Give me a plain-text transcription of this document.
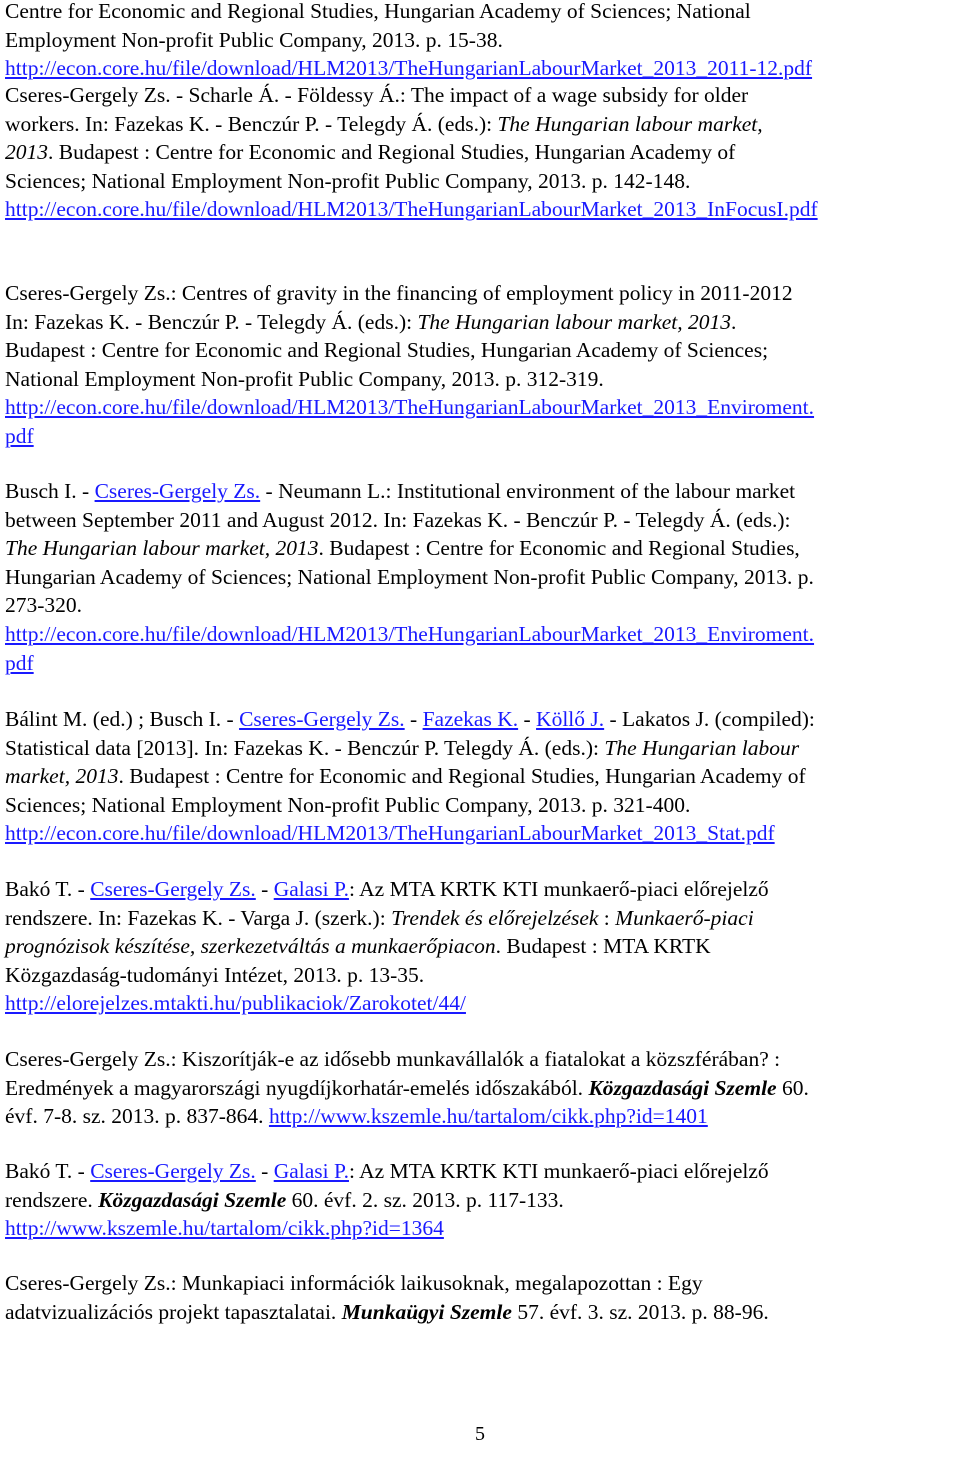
Centre for Economic and Regional Studies, Hungarian Academy of Sciences; National
Employment Non-profit Public Company, 2013. p. 15-38.
http://econ.core.hu/file/download/HLM2013/TheHungarianLabourMarket_2013_2011-12.pdf
Cseres-Gergely Zs. - Scharle Á. - Földessy Á.: The impact of a wage subsidy for older
workers. In: Fazekas K. - Benczúr P. - Telegdy Á. (eds.): The Hungarian labour market,
2013. Budapest : Centre for Economic and Regional Studies, Hungarian Academy of
Sciences; National Employment Non-profit Public Company, 2013. p. 142-148.
http://econ.core.hu/file/download/HLM2013/TheHungarianLabourMarket_2013_InFocusI.pdf
Cseres-Gergely Zs.: Centres of gravity in the financing of employment policy in 2011-2012
In: Fazekas K. - Benczúr P. - Telegdy Á. (eds.): The Hungarian labour market, 2013.
Budapest : Centre for Economic and Regional Studies, Hungarian Academy of Sciences;
National Employment Non-profit Public Company, 2013. p. 312-319.
http://econ.core.hu/file/download/HLM2013/TheHungarianLabourMarket_2013_Enviroment.
pdf
Busch I. - Cseres-Gergely Zs. - Neumann L.: Institutional environment of the labour market
between September 2011 and August 2012. In: Fazekas K. - Benczúr P. - Telegdy Á. (eds.):
The Hungarian labour market, 2013. Budapest : Centre for Economic and Regional Studies,
Hungarian Academy of Sciences; National Employment Non-profit Public Company, 2013. p.
273-320.
http://econ.core.hu/file/download/HLM2013/TheHungarianLabourMarket_2013_Enviroment.
pdf
Bálint M. (ed.) ; Busch I. - Cseres-Gergely Zs. - Fazekas K. - Köllő J. - Lakatos J. (compiled):
Statistical data [2013]. In: Fazekas K. - Benczúr P. Telegdy Á. (eds.): The Hungarian labour
market, 2013. Budapest : Centre for Economic and Regional Studies, Hungarian Academy of
Sciences; National Employment Non-profit Public Company, 2013. p. 321-400.
http://econ.core.hu/file/download/HLM2013/TheHungarianLabourMarket_2013_Stat.pdf
Bakó T. - Cseres-Gergely Zs. - Galasi P.: Az MTA KRTK KTI munkaerő-piaci előrejelző
rendszere. In: Fazekas K. - Varga J. (szerk.): Trendek és előrejelzések : Munkaerő-piaci
prognózisok készítése, szerkezetváltás a munkaerőpiacon. Budapest : MTA KRTK
Közgazdaság-tudományi Intézet, 2013. p. 13-35.
http://elorejelzes.mtakti.hu/publikaciok/Zarokotet/44/
Cseres-Gergely Zs.: Kiszorítják-e az idősebb munkavállalók a fiatalokat a közszférában? :
Eredmények a magyarországi nyugdíjkorhatár-emelés időszakából. Közgazdasági Szemle 60.
évf. 7-8. sz. 2013. p. 837-864. http://www.kszemle.hu/tartalom/cikk.php?id=1401
Bakó T. - Cseres-Gergely Zs. - Galasi P.: Az MTA KRTK KTI munkaerő-piaci előrejelző
rendszere. Közgazdasági Szemle 60. évf. 2. sz. 2013. p. 117-133.
http://www.kszemle.hu/tartalom/cikk.php?id=1364
Cseres-Gergely Zs.: Munkapiaci információk laikusoknak, megalapozottan : Egy
adatvizualizációs projekt tapasztalatai. Munkaügyi Szemle 57. évf. 3. sz. 2013. p. 88-96.
5
